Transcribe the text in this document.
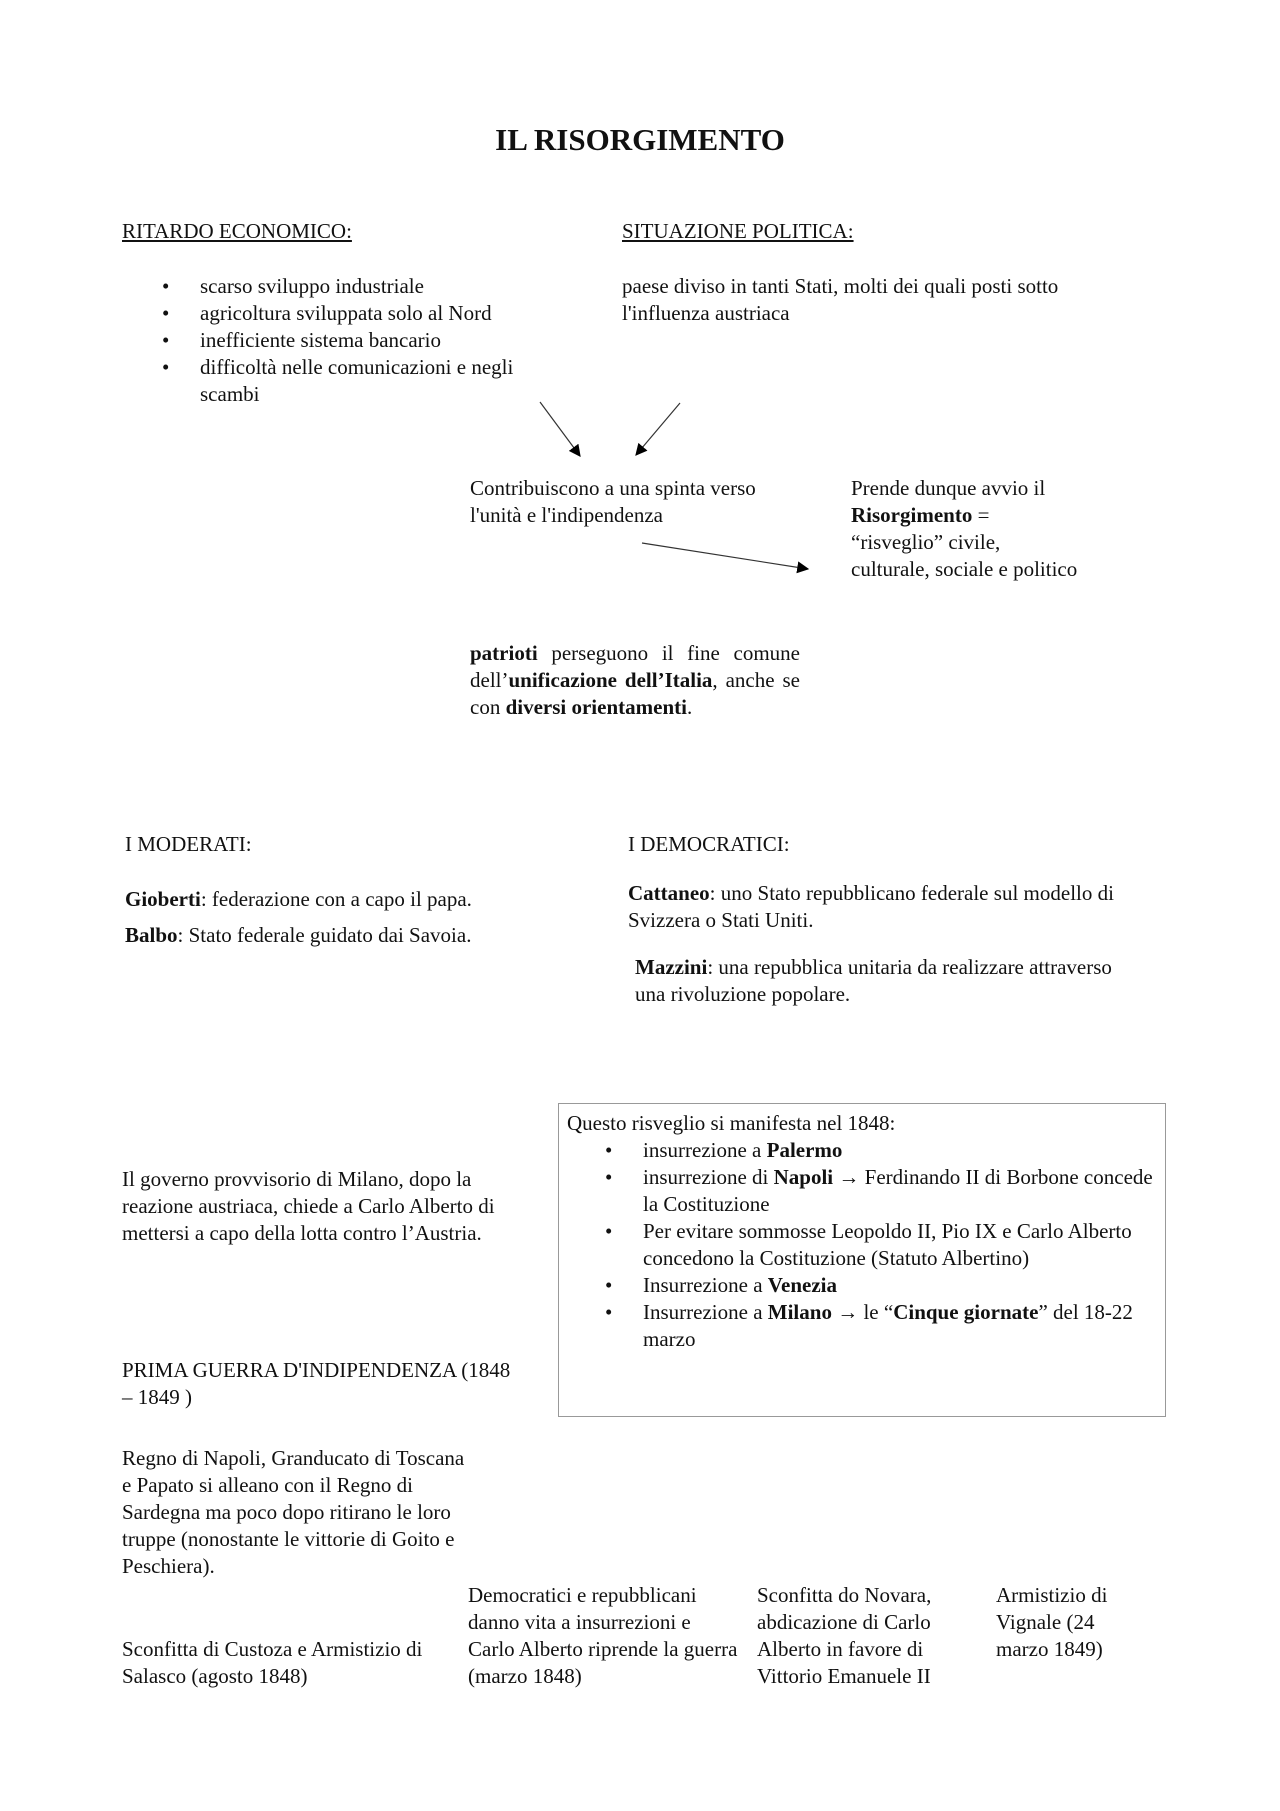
IL RISORGIMENTO
RITARDO ECONOMICO:
• scarso sviluppo industriale
• agricoltura sviluppata solo al Nord
• inefficiente sistema bancario
• difficoltà nelle comunicazioni e negli scambi
SITUAZIONE POLITICA:

paese diviso in tanti Stati, molti dei quali posti sotto l'influenza austriaca

Contribuiscono a una spinta verso l'unità e l'indipendenza
Prende dunque avvio il Risorgimento = “risveglio” civile, culturale, sociale e politico
patrioti perseguono il fine comune dell’unificazione dell’Italia, anche se con diversi orientamenti.
I MODERATI:

Gioberti: federazione con a capo il papa.

Balbo: Stato federale guidato dai Savoia.

I DEMOCRATICI:

Cattaneo: uno Stato repubblicano federale sul modello di Svizzera o Stati Uniti.

Mazzini: una repubblica unitaria da realizzare attraverso una rivoluzione popolare.

Questo risveglio si manifesta nel 1848:
• insurrezione a Palermo
• insurrezione di Napoli → Ferdinando II di Borbone concede la Costituzione
• Per evitare sommosse Leopoldo II, Pio IX e Carlo Alberto concedono la Costituzione (Statuto Albertino)
• Insurrezione a Venezia
• Insurrezione a Milano → le “Cinque giornate” del 18-22 marzo
Il governo provvisorio di Milano, dopo la reazione austriaca, chiede a Carlo Alberto di mettersi a capo della lotta contro l’Austria.
PRIMA GUERRA D'INDIPENDENZA (1848 – 1849 )
Regno di Napoli, Granducato di Toscana e Papato si alleano con il Regno di Sardegna ma poco dopo ritirano le loro truppe (nonostante le vittorie di Goito e Peschiera).
Sconfitta di Custoza e Armistizio di Salasco (agosto 1848)
Democratici e repubblicani danno vita a insurrezioni e Carlo Alberto riprende la guerra (marzo 1848)
Sconfitta do Novara, abdicazione di Carlo Alberto in favore di Vittorio Emanuele II
Armistizio di Vignale (24 marzo 1849)
